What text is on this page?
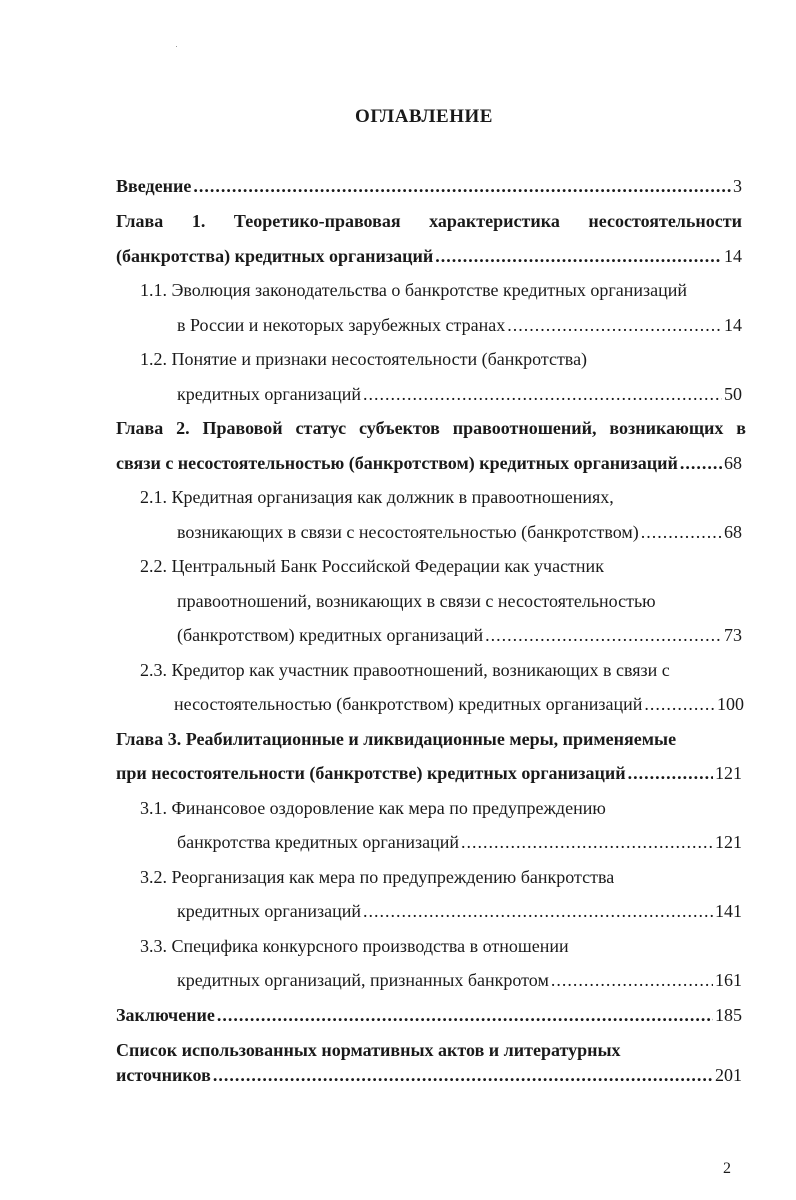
ОГЛАВЛЕНИЕ
Введение .....	3
Глава 1. Теоретико-правовая характеристика несостоятельности
(банкротства) кредитных организаций .....	14
1.1. Эволюция законодательства о банкротстве кредитных организаций
в России и некоторых зарубежных странах .....	14
1.2. Понятие и признаки несостоятельности (банкротства)
кредитных организаций .....	50
Глава 2. Правовой статус субъектов правоотношений, возникающих в
связи с несостоятельностью (банкротством) кредитных организаций .....	68
2.1. Кредитная организация как должник в правоотношениях,
возникающих в связи с несостоятельностью (банкротством) .....	68
2.2. Центральный Банк Российской Федерации как участник
правоотношений, возникающих в связи с несостоятельностью
(банкротством) кредитных организаций .....	73
2.3. Кредитор как участник правоотношений, возникающих в связи с
несостоятельностью (банкротством) кредитных организаций .....	100
Глава 3. Реабилитационные и ликвидационные меры, применяемые
при несостоятельности (банкротстве) кредитных организаций .....	121
3.1. Финансовое оздоровление как мера по предупреждению
банкротства кредитных организаций .....	121
3.2. Реорганизация как мера по предупреждению банкротства
кредитных организаций .....	141
3.3. Специфика конкурсного производства в отношении
кредитных организаций, признанных банкротом .....	161
Заключение .....	185
Список использованных нормативных актов и литературных
источников .....	201
2
